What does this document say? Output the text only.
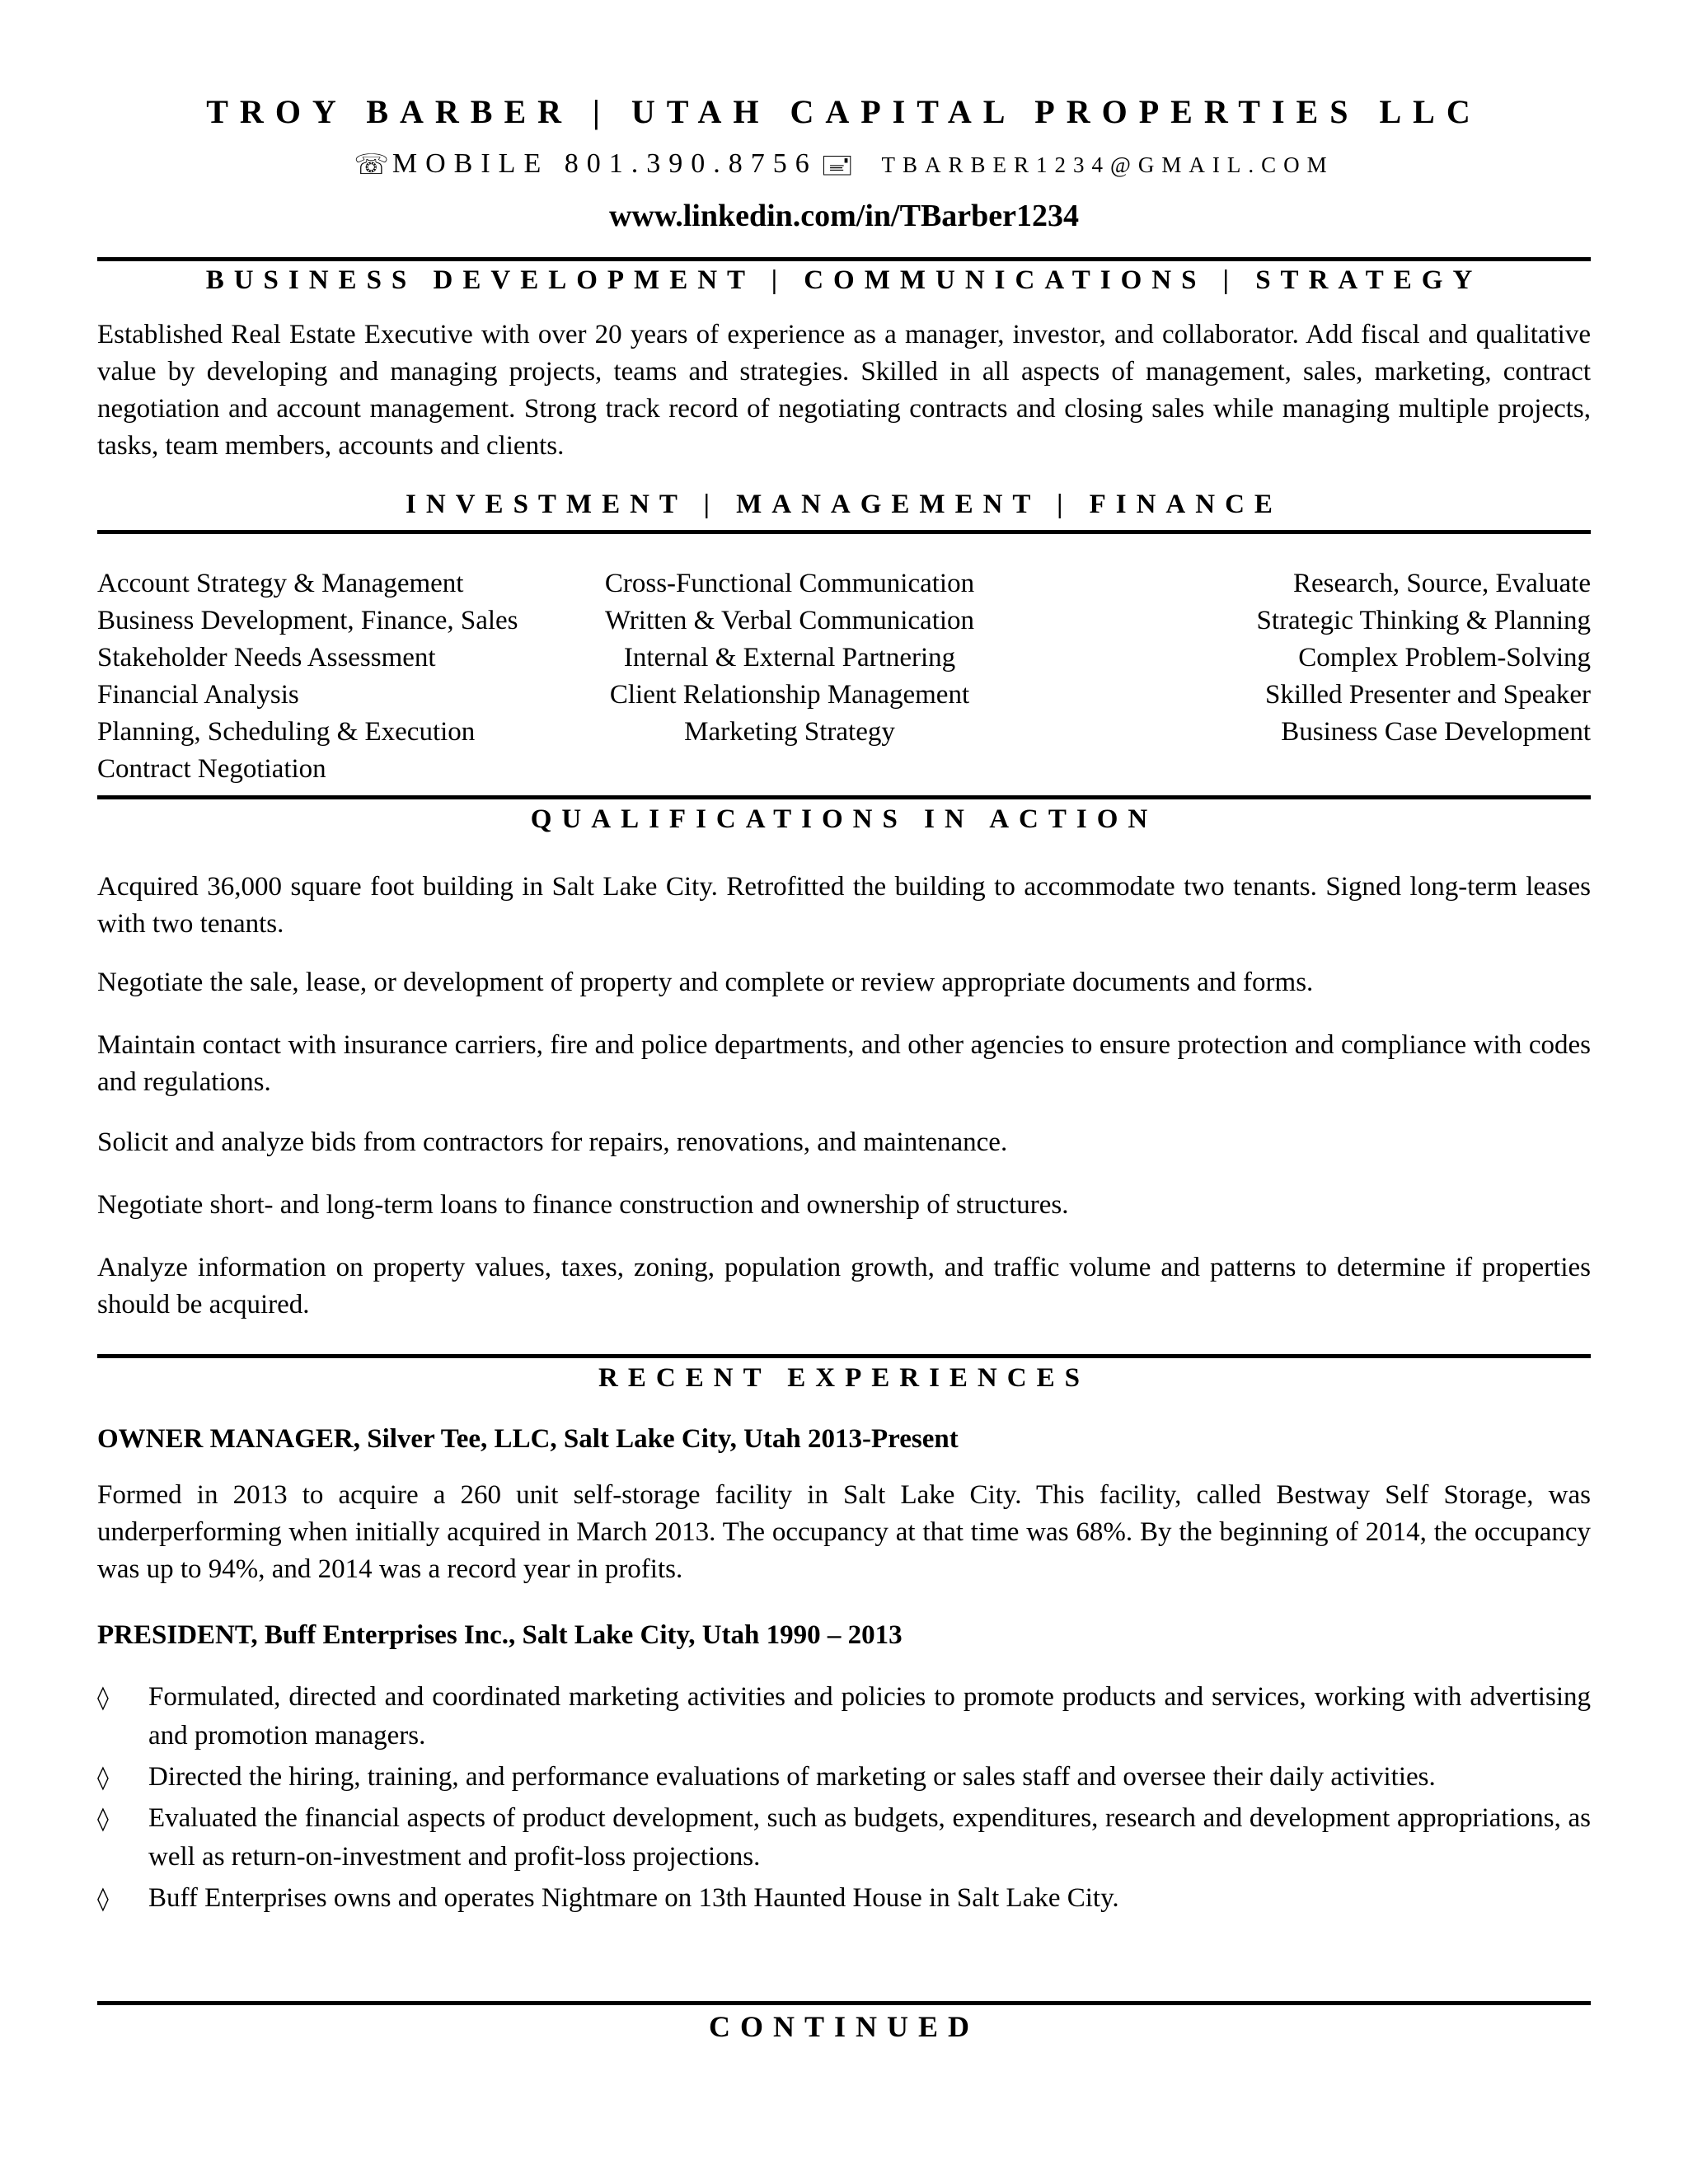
TROY BARBER | UTAH CAPITAL PROPERTIES LLC
☏ MOBILE 801.390.8756 🖃 TBARBER1234@GMAIL.COM
www.linkedin.com/in/TBarber1234
BUSINESS DEVELOPMENT | COMMUNICATIONS | STRATEGY

Established Real Estate Executive with over 20 years of experience as a manager, investor, and collaborator. Add fiscal and qualitative value by developing and managing projects, teams and strategies. Skilled in all aspects of management, sales, marketing, contract negotiation and account management. Strong track record of negotiating contracts and closing sales while managing multiple projects, tasks, team members, accounts and clients.

INVESTMENT | MANAGEMENT | FINANCE
Account Strategy & Management
Business Development, Finance, Sales
Stakeholder Needs Assessment
Financial Analysis
Planning, Scheduling & Execution
Contract Negotiation
Cross-Functional Communication
Written & Verbal Communication
Internal & External Partnering
Client Relationship Management
Marketing Strategy
Research, Source, Evaluate
Strategic Thinking & Planning
Complex Problem-Solving
Skilled Presenter and Speaker
Business Case Development
QUALIFICATIONS IN ACTION

Acquired 36,000 square foot building in Salt Lake City. Retrofitted the building to accommodate two tenants. Signed long-term leases with two tenants.

Negotiate the sale, lease, or development of property and complete or review appropriate documents and forms.

Maintain contact with insurance carriers, fire and police departments, and other agencies to ensure protection and compliance with codes and regulations.

Solicit and analyze bids from contractors for repairs, renovations, and maintenance.

Negotiate short- and long-term loans to finance construction and ownership of structures.

Analyze information on property values, taxes, zoning, population growth, and traffic volume and patterns to determine if properties should be acquired.

RECENT EXPERIENCES
OWNER MANAGER, Silver Tee, LLC, Salt Lake City, Utah 2013-Present

Formed in 2013 to acquire a 260 unit self-storage facility in Salt Lake City. This facility, called Bestway Self Storage, was underperforming when initially acquired in March 2013. The occupancy at that time was 68%. By the beginning of 2014, the occupancy was up to 94%, and 2014 was a record year in profits.

PRESIDENT, Buff Enterprises Inc., Salt Lake City, Utah 1990 – 2013
◊ Formulated, directed and coordinated marketing activities and policies to promote products and services, working with advertising and promotion managers.
◊ Directed the hiring, training, and performance evaluations of marketing or sales staff and oversee their daily activities.
◊ Evaluated the financial aspects of product development, such as budgets, expenditures, research and development appropriations, as well as return-on-investment and profit-loss projections.
◊ Buff Enterprises owns and operates Nightmare on 13th Haunted House in Salt Lake City.
CONTINUED
